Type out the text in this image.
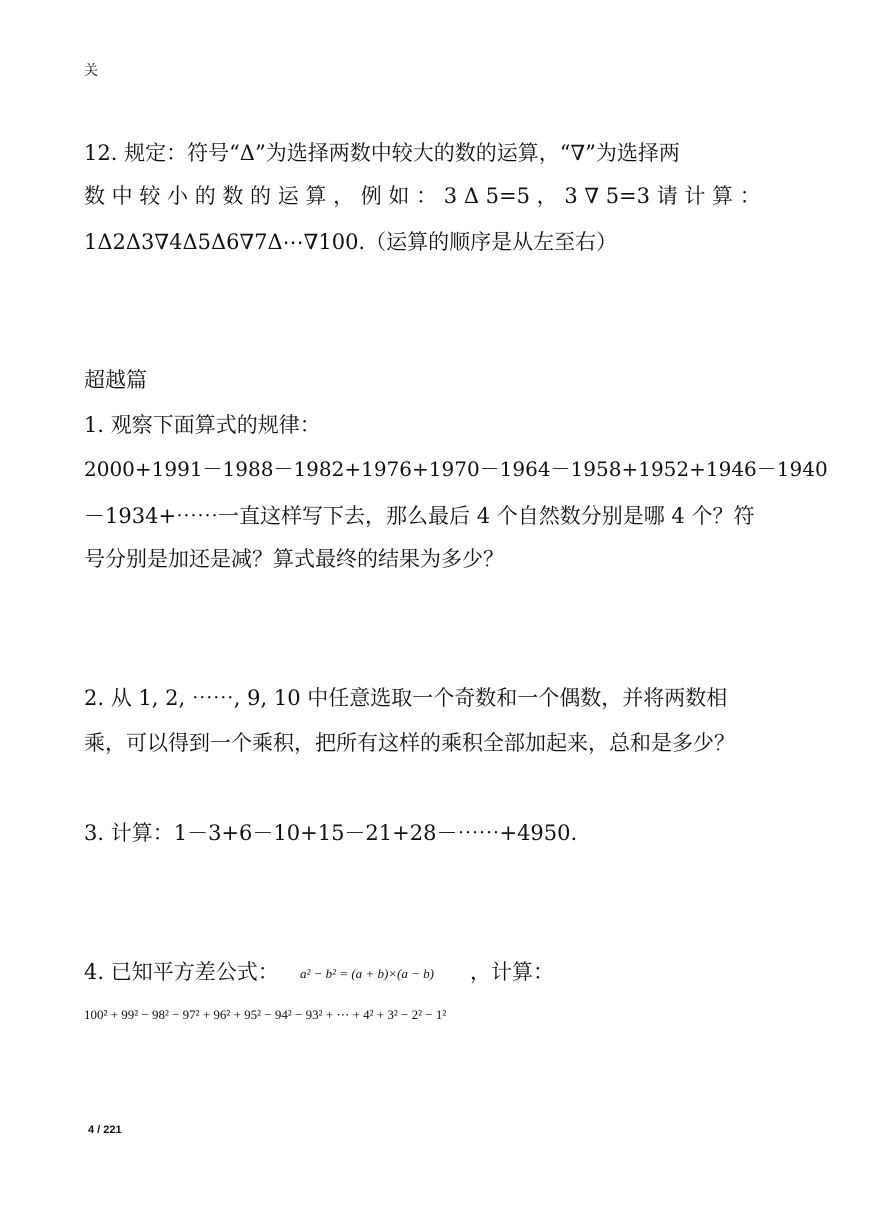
关
12. 规定：符号“Δ”为选择两数中较大的数的运算，“∇”为选择两
数 中 较 小 的 数 的 运 算 ， 例 如 ： 3 Δ 5=5 ， 3 ∇ 5=3 请 计 算 ：
1Δ2Δ3∇4Δ5Δ6∇7Δ⋯∇100.（运算的顺序是从左至右）
超越篇
1. 观察下面算式的规律：
2000+1991－1988－1982+1976+1970－1964－1958+1952+1946－1940
－1934+⋯⋯一直这样写下去，那么最后 4 个自然数分别是哪 4 个？符
号分别是加还是减？算式最终的结果为多少？
2. 从 1, 2, ⋯⋯, 9, 10 中任意选取一个奇数和一个偶数，并将两数相
乘，可以得到一个乘积，把所有这样的乘积全部加起来，总和是多少？
3. 计算：1－3+6－10+15－21+28－⋯⋯+4950.
4. 已知平方差公式： a² − b² = (a + b)×(a − b) ，计算：
100² + 99² − 98² − 97² + 96² + 95² − 94² − 93² + ⋯ + 4² + 3² − 2² − 1²
4 / 221
